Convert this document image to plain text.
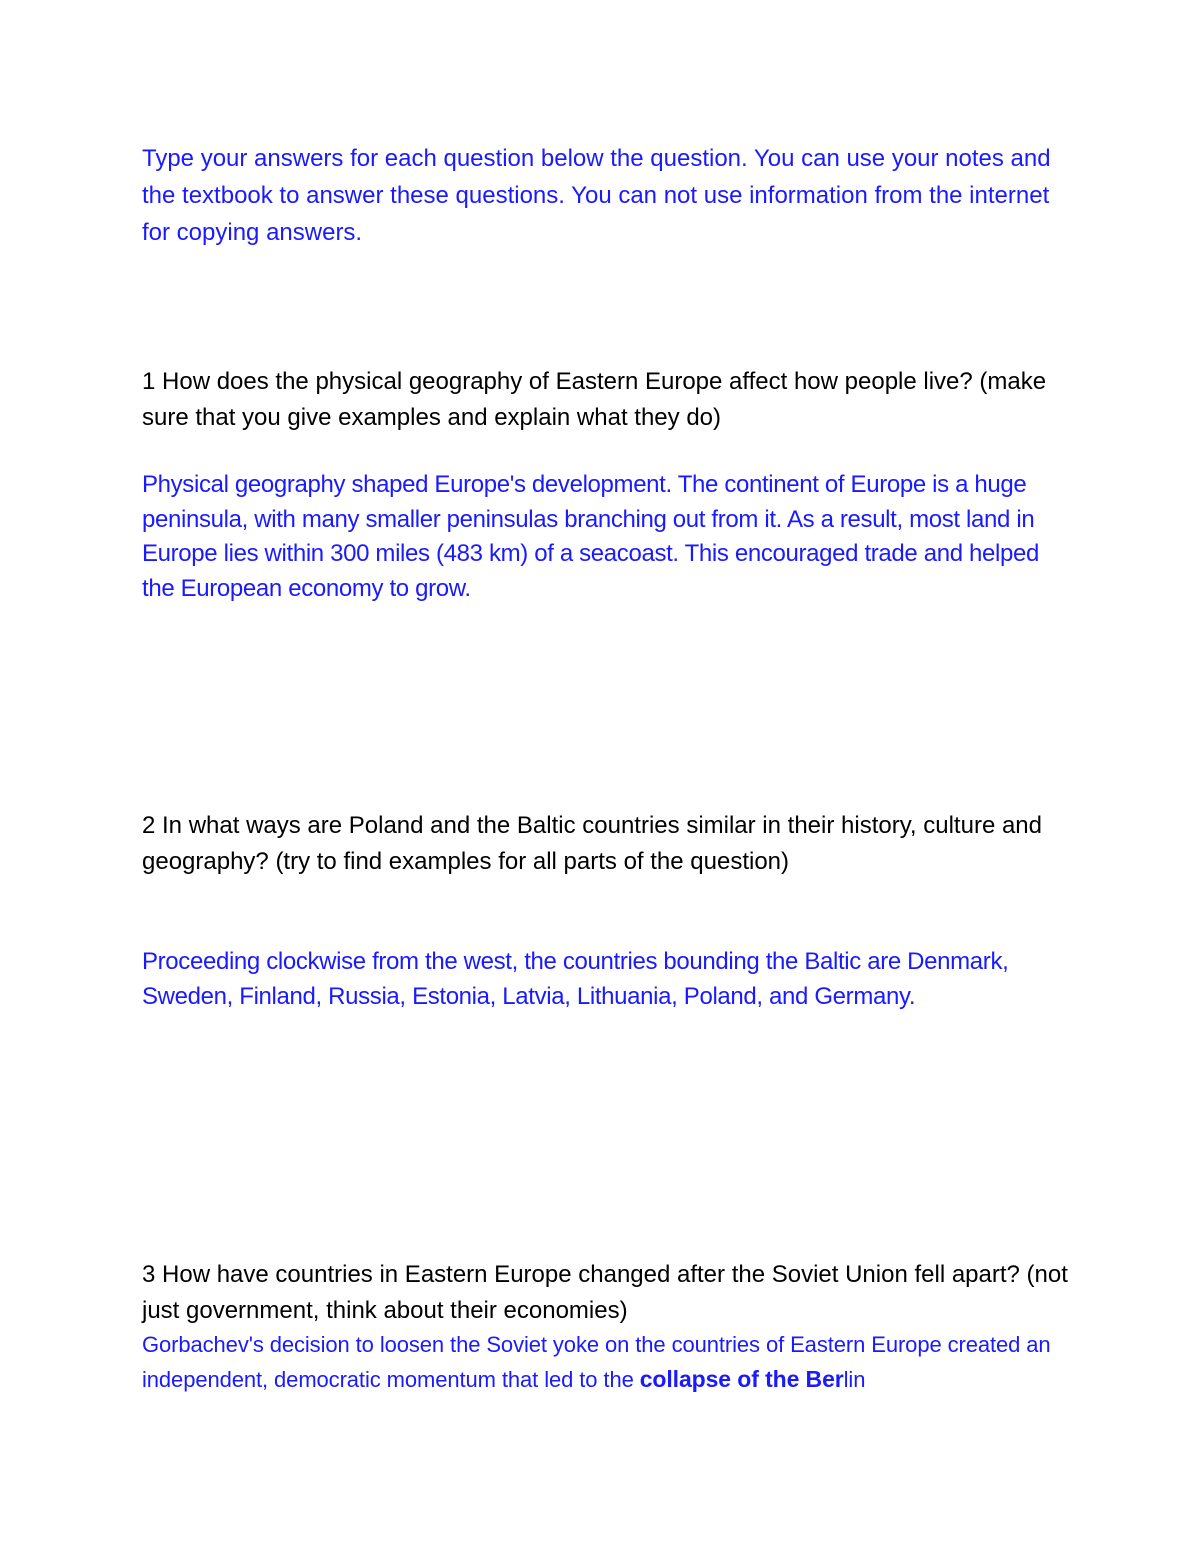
Type your answers for each question below the question. You can use your notes and the textbook to answer these questions. You can not use information from the internet for copying answers.

1 How does the physical geography of Eastern Europe affect how people live? (make sure that you give examples and explain what they do)

Physical geography shaped Europe's development. The continent of Europe is a huge peninsula, with many smaller peninsulas branching out from it. As a result, most land in Europe lies within 300 miles (483 km) of a seacoast. This encouraged trade and helped the European economy to grow.

2 In what ways are Poland and the Baltic countries similar in their history, culture and geography? (try to find examples for all parts of the question)

Proceeding clockwise from the west, the countries bounding the Baltic are Denmark, Sweden, Finland, Russia, Estonia, Latvia, Lithuania, Poland, and Germany.

3 How have countries in Eastern Europe changed after the Soviet Union fell apart? (not just government, think about their economies)

Gorbachev's decision to loosen the Soviet yoke on the countries of Eastern Europe created an independent, democratic momentum that led to the collapse of the Berlin
